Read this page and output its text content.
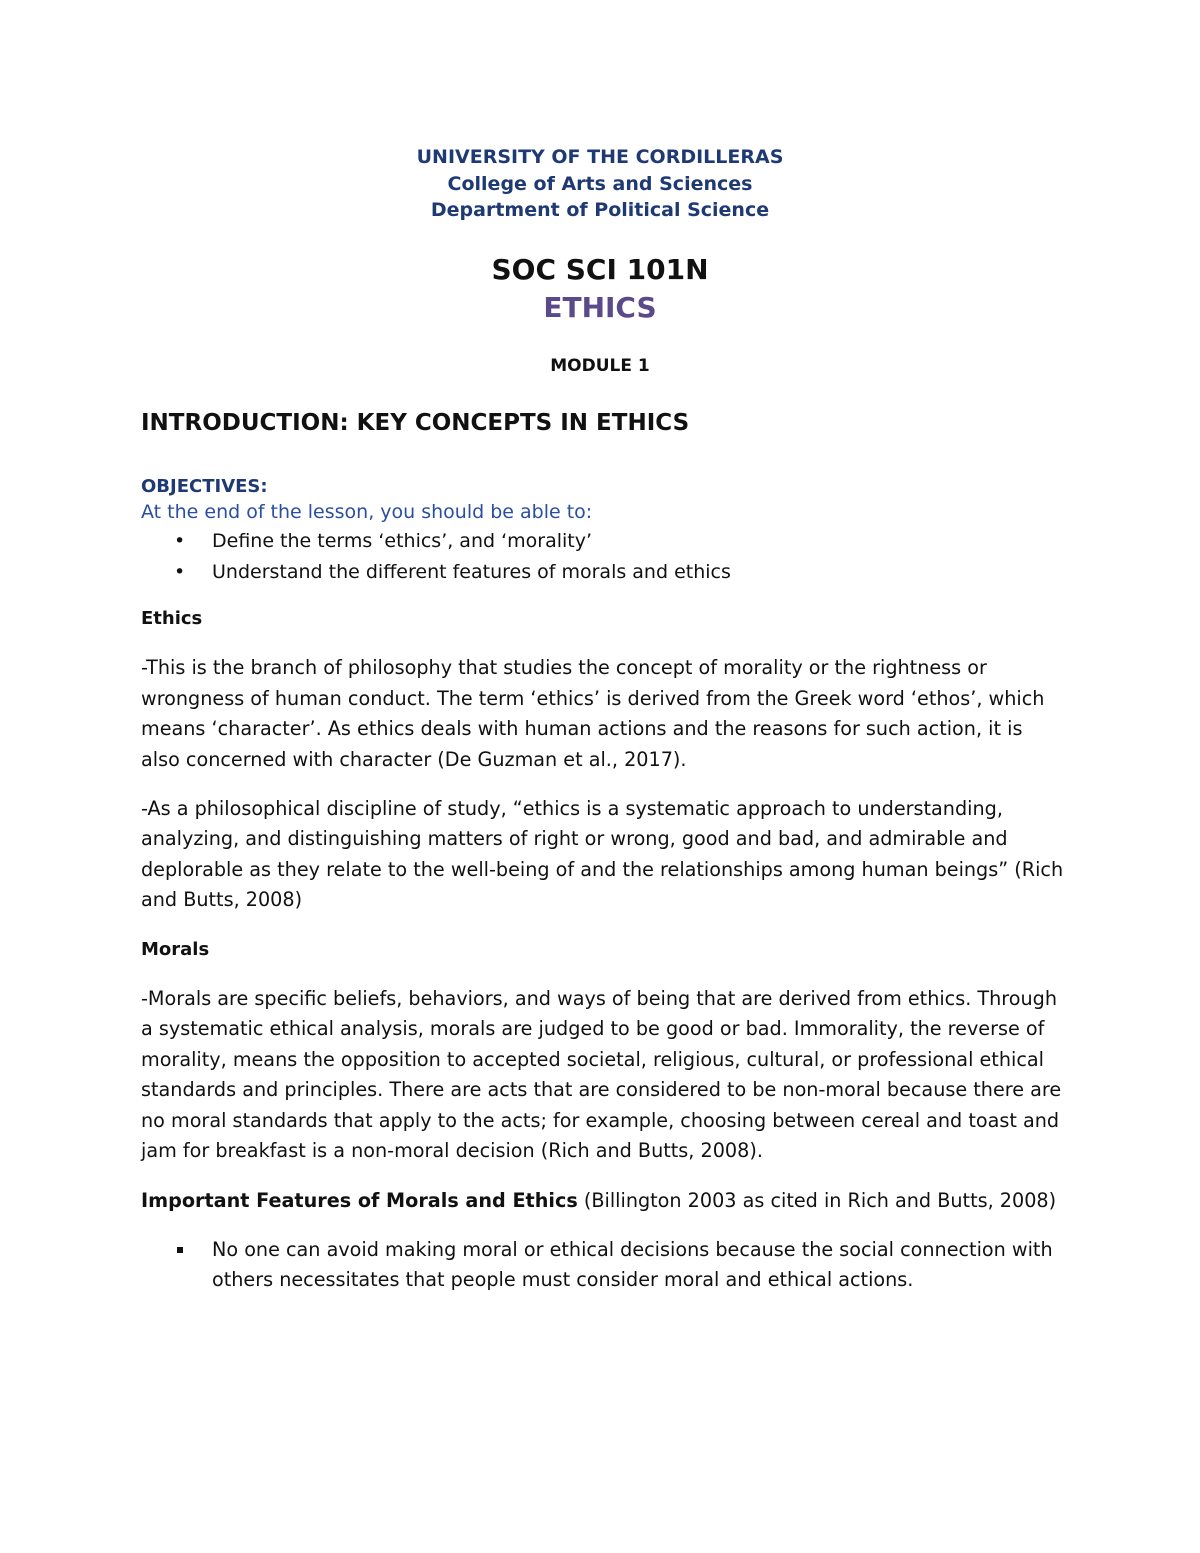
UNIVERSITY OF THE CORDILLERAS
College of Arts and Sciences
Department of Political Science
SOC SCI 101N
ETHICS
MODULE 1
INTRODUCTION: KEY CONCEPTS IN ETHICS
OBJECTIVES:
At the end of the lesson, you should be able to:
• Define the terms ‘ethics’, and ‘morality’
• Understand the different features of morals and ethics
Ethics

-This is the branch of philosophy that studies the concept of morality or the rightness or wrongness of human conduct. The term ‘ethics’ is derived from the Greek word ‘ethos’, which means ‘character’. As ethics deals with human actions and the reasons for such action, it is also concerned with character (De Guzman et al., 2017).

-As a philosophical discipline of study, “ethics is a systematic approach to understanding, analyzing, and distinguishing matters of right or wrong, good and bad, and admirable and deplorable as they relate to the well-being of and the relationships among human beings” (Rich and Butts, 2008)

Morals

-Morals are specific beliefs, behaviors, and ways of being that are derived from ethics. Through a systematic ethical analysis, morals are judged to be good or bad. Immorality, the reverse of morality, means the opposition to accepted societal, religious, cultural, or professional ethical standards and principles. There are acts that are considered to be non-moral because there are no moral standards that apply to the acts; for example, choosing between cereal and toast and jam for breakfast is a non-moral decision (Rich and Butts, 2008).

Important Features of Morals and Ethics (Billington 2003 as cited in Rich and Butts, 2008)
No one can avoid making moral or ethical decisions because the social connection with others necessitates that people must consider moral and ethical actions.
